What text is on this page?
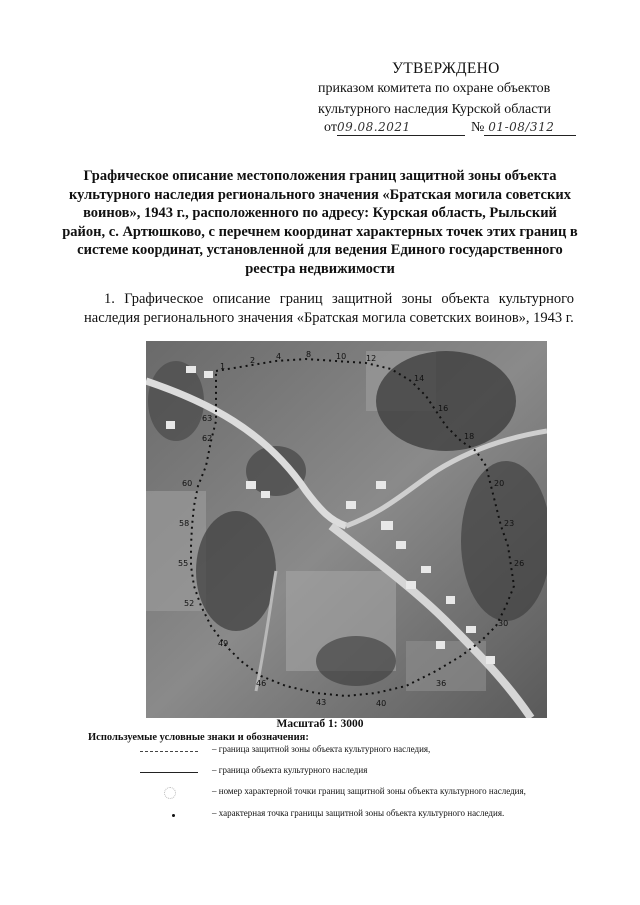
УТВЕРЖДЕНО
приказом комитета по охране объектов
культурного наследия Курской области
от09.08.2021	№ 01-08/312
Графическое описание местоположения границ защитной зоны объекта культурного наследия регионального значения «Братская могила советских воинов», 1943 г., расположенного по адресу: Курская область, Рыльский район, с. Артюшково, с перечнем координат характерных точек этих границ в системе координат, установленной для ведения Единого государственного реестра недвижимости
1. Графическое описание границ защитной зоны объекта культурного наследия регионального значения «Братская могила советских воинов», 1943 г.
1
2	4	8	10 12
14
16
18
20
23
26
30
36
40
43
46
49
52
55
58
60
62
63
Масштаб 1: 3000
Используемые условные знаки и обозначения:
– граница защитной зоны объекта культурного наследия,
– граница объекта культурного наследия
– номер характерной точки границ защитной зоны объекта культурного наследия,
– характерная точка границы защитной зоны объекта культурного наследия.
